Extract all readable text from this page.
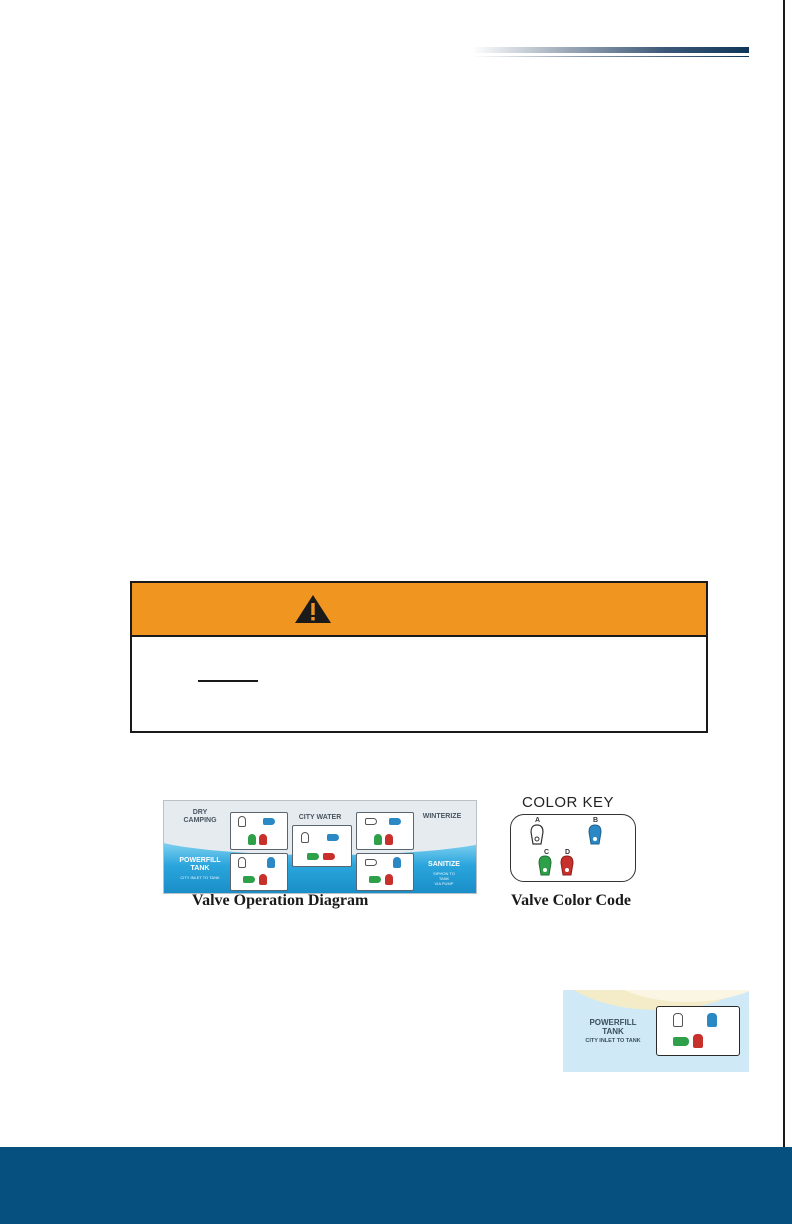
DRY
CAMPING	CITY WATER	WINTERIZE
POWERFILL
TANK
CITY INLET TO TANK
SANITIZE
SIPHON TO
TANK
VIA PUMP
Valve Operation Diagram
COLOR KEY
A	B
C D
Valve Color Code
POWERFILL
TANK
CITY INLET TO TANK
